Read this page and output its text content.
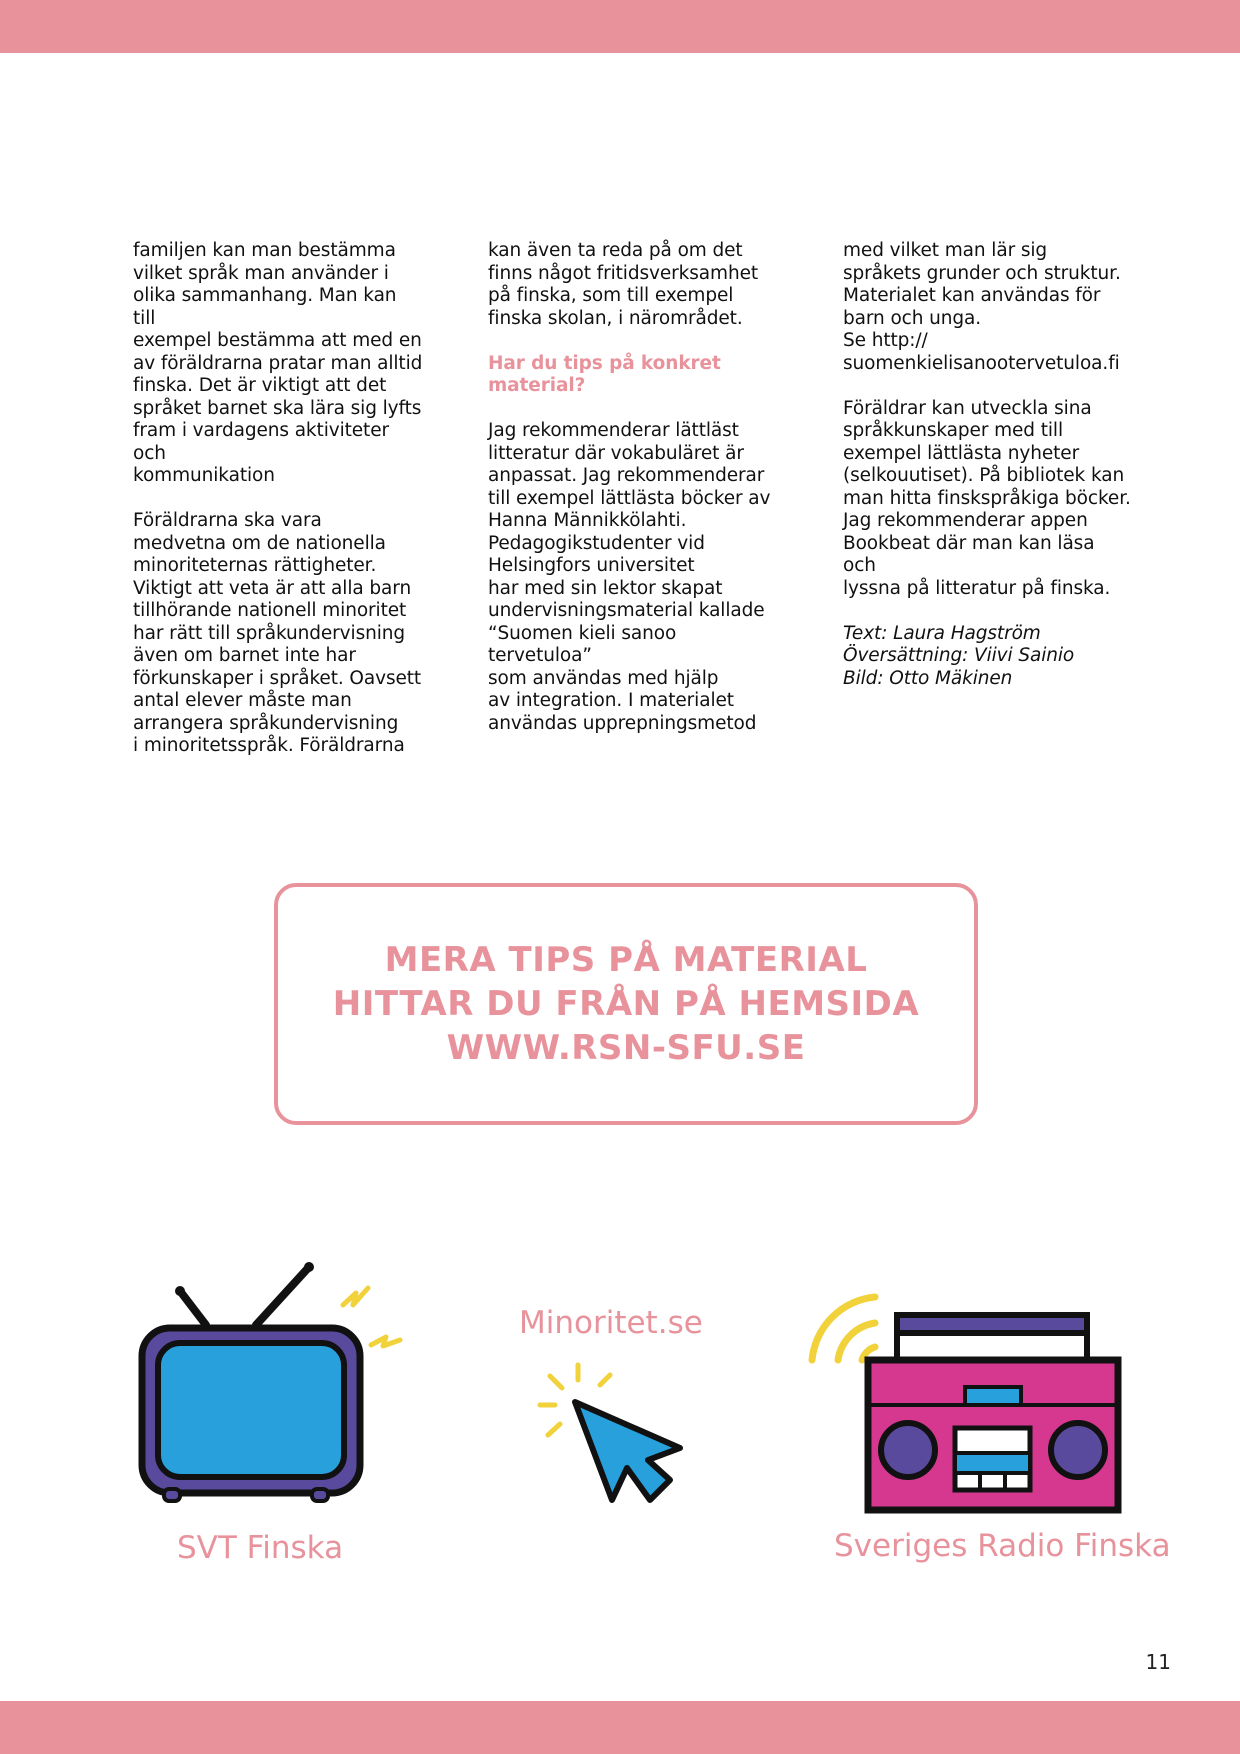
familjen kan man bestämma
vilket språk man använder i
olika sammanhang. Man kan till
exempel bestämma att med en
av föräldrarna pratar man alltid
finska. Det är viktigt att det
språket barnet ska lära sig lyfts
fram i vardagens aktiviteter och
kommunikation

Föräldrarna ska vara
medvetna om de nationella
minoriteternas rättigheter.
Viktigt att veta är att alla barn
tillhörande nationell minoritet
har rätt till språkundervisning
även om barnet inte har
förkunskaper i språket. Oavsett
antal elever måste man
arrangera språkundervisning
i minoritetsspråk. Föräldrarna

kan även ta reda på om det
finns något fritidsverksamhet
på finska, som till exempel
finska skolan, i närområdet.

Har du tips på konkret
material?

Jag rekommenderar lättläst
litteratur där vokabuläret är
anpassat. Jag rekommenderar
till exempel lättlästa böcker av
Hanna Männikkölahti.
Pedagogikstudenter vid
Helsingfors universitet
har med sin lektor skapat
undervisningsmaterial kallade
“Suomen kieli sanoo tervetuloa”
som användas med hjälp
av integration. I materialet
användas upprepningsmetod

med vilket man lär sig
språkets grunder och struktur.
Materialet kan användas för
barn och unga.
Se http://
suomenkielisanootervetuloa.fi

Föräldrar kan utveckla sina
språkkunskaper med till
exempel lättlästa nyheter
(selkouutiset). På bibliotek kan
man hitta finskspråkiga böcker.
Jag rekommenderar appen
Bookbeat där man kan läsa och
lyssna på litteratur på finska.

Text: Laura Hagström
Översättning: Viivi Sainio
Bild: Otto Mäkinen

MERA TIPS PÅ MATERIAL
HITTAR DU FRÅN PÅ HEMSIDA
WWW.RSN-SFU.SE
SVT Finska
Minoritet.se
Sveriges Radio Finska
11
